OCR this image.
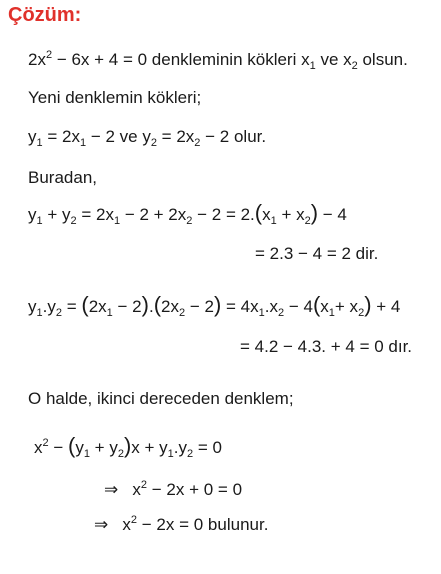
Çözüm:
$2x^2 - 6x + 4 = 0$ denkleminin kökleri $x_1$ ve $x_2$ olsun.
Yeni denklemin kökleri;
$y_1 = 2x_1 - 2$ ve $y_2 = 2x_2 - 2$ olur.
Buradan,
$y_1 + y_2 = 2x_1 - 2 + 2x_2 - 2 = 2.(x_1 + x_2) - 4$
= 2.3 − 4 = 2 dir.
$y_1.y_2 = (2x_1 - 2).(2x_2 - 2) = 4x_1.x_2 - 4(x_1+ x_2) + 4$
= 4.2 − 4.3. + 4 = 0 dır.
O halde, ikinci dereceden denklem;
$x^2 - (y_1 + y_2)x + y_1.y_2 = 0$
⇒ $x^2 - 2x + 0 = 0$
⇒ $x^2 - 2x = 0$ bulunur.
